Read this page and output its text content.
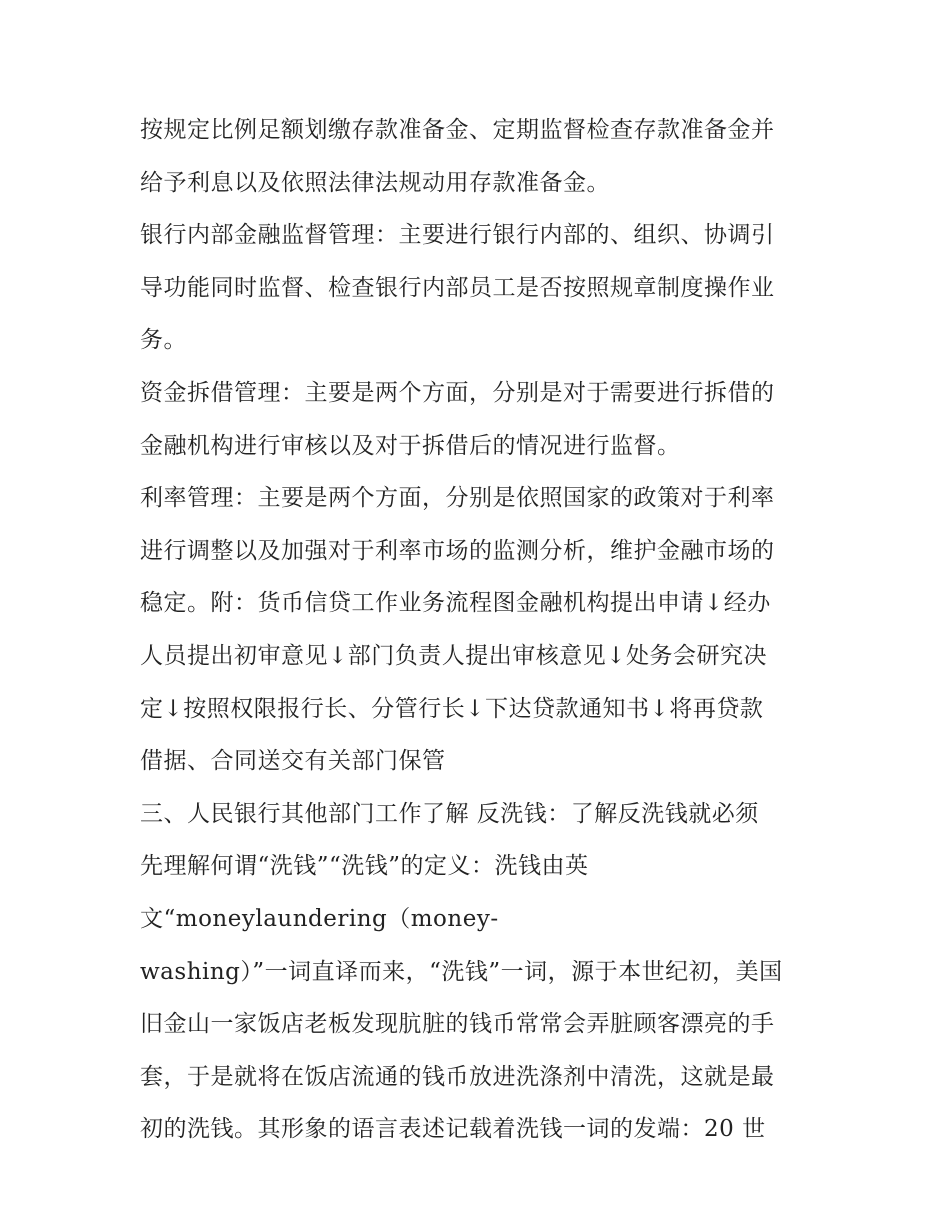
按规定比例足额划缴存款准备金、定期监督检查存款准备金并
给予利息以及依照法律法规动用存款准备金。
银行内部金融监督管理：主要进行银行内部的、组织、协调引
导功能同时监督、检查银行内部员工是否按照规章制度操作业
务。
资金拆借管理：主要是两个方面，分别是对于需要进行拆借的
金融机构进行审核以及对于拆借后的情况进行监督。
利率管理：主要是两个方面，分别是依照国家的政策对于利率
进行调整以及加强对于利率市场的监测分析，维护金融市场的
稳定。附：货币信贷工作业务流程图金融机构提出申请↓经办
人员提出初审意见↓部门负责人提出审核意见↓处务会研究决
定↓按照权限报行长、分管行长↓下达贷款通知书↓将再贷款
借据、合同送交有关部门保管
三、人民银行其他部门工作了解 反洗钱：了解反洗钱就必须
先理解何谓“洗钱”“洗钱”的定义：洗钱由英
文“moneylaundering（money-
washing）”一词直译而来，“洗钱”一词，源于本世纪初，美国
旧金山一家饭店老板发现肮脏的钱币常常会弄脏顾客漂亮的手
套，于是就将在饭店流通的钱币放进洗涤剂中清洗，这就是最
初的洗钱。其形象的语言表述记载着洗钱一词的发端：20 世
